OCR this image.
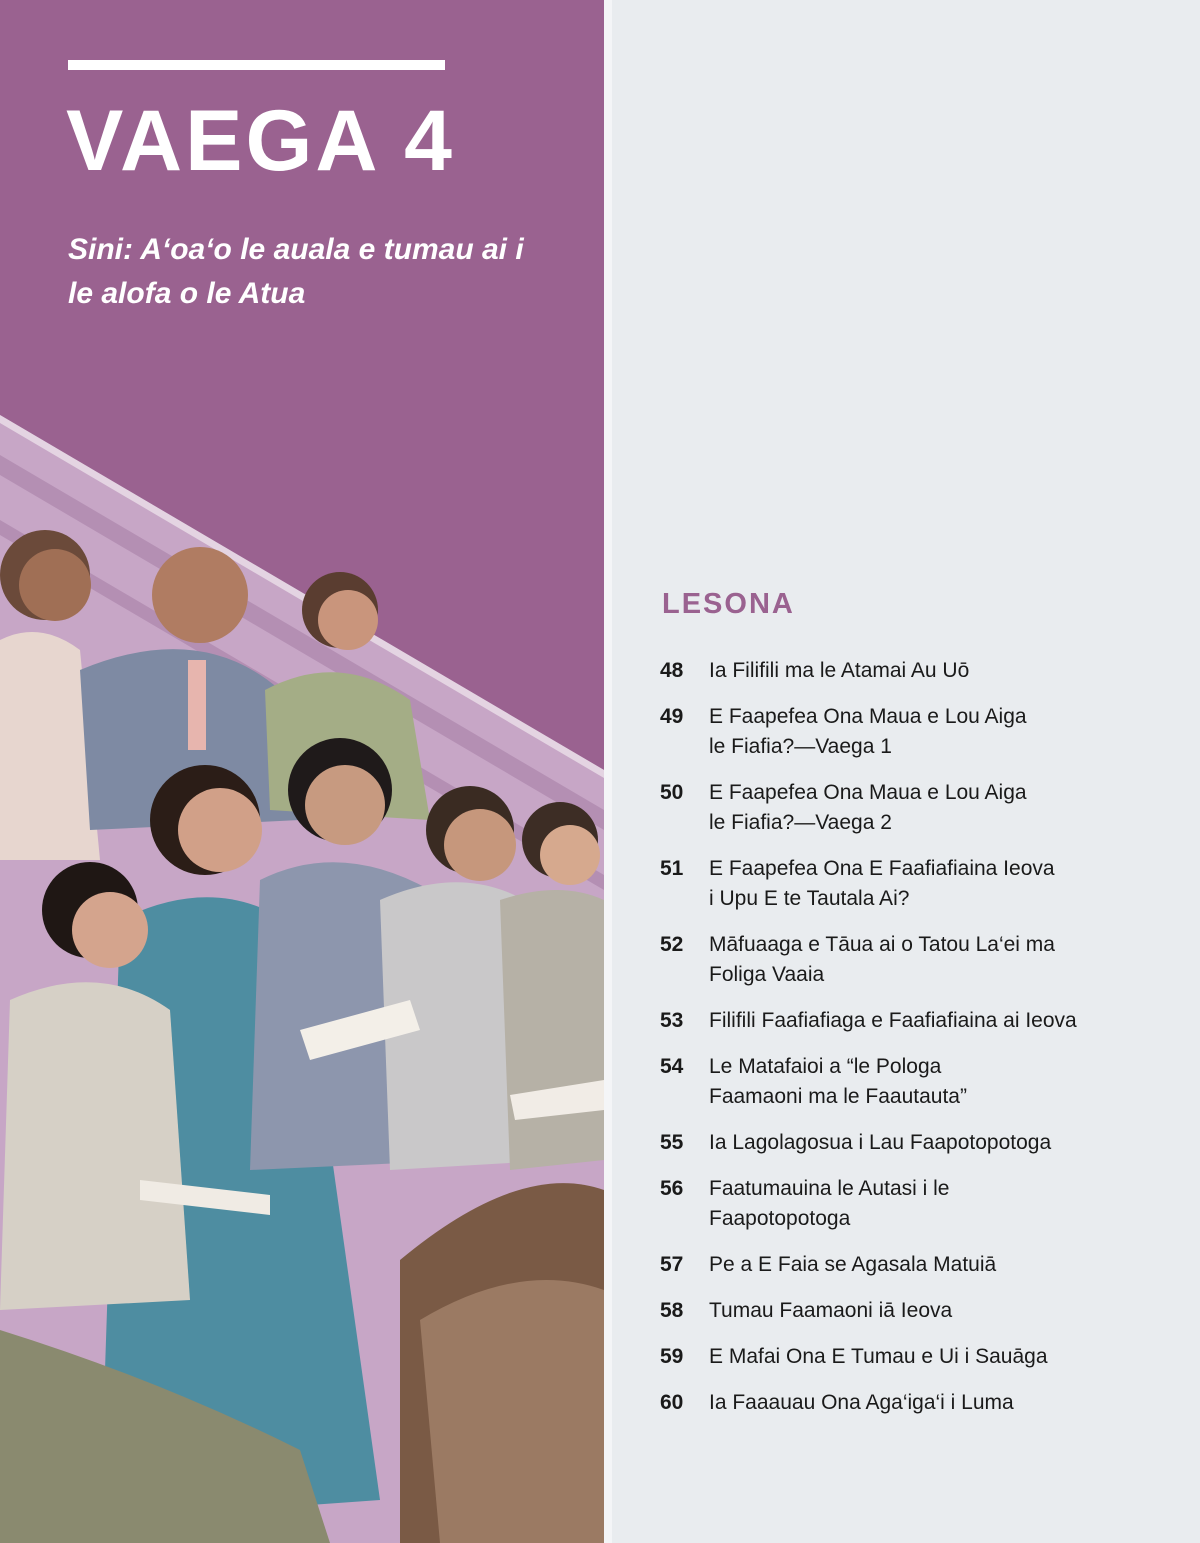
VAEGA 4

Sini: A‘oa‘o le auala e tumau ai i le alofa o le Atua

LESONA
48	Ia Filifili ma le Atamai Au Uō
49	E Faapefea Ona Maua e Lou Aiga
le Fiafia?—Vaega 1
50	E Faapefea Ona Maua e Lou Aiga
le Fiafia?—Vaega 2
51	E Faapefea Ona E Faafiafiaina Ieova
i Upu E te Tautala Ai?
52	Māfuaaga e Tāua ai o Tatou La‘ei ma
Foliga Vaaia
53	Filifili Faafiafiaga e Faafiafiaina ai Ieova
54	Le Matafaioi a “le Pologa
Faamaoni ma le Faautauta”
55	Ia Lagolagosua i Lau Faapotopotoga
56	Faatumauina le Autasi i le
Faapotopotoga
57	Pe a E Faia se Agasala Matuiā
58	Tumau Faamaoni iā Ieova
59	E Mafai Ona E Tumau e Ui i Sauāga
60	Ia Faaauau Ona Aga‘iga‘i i Luma
